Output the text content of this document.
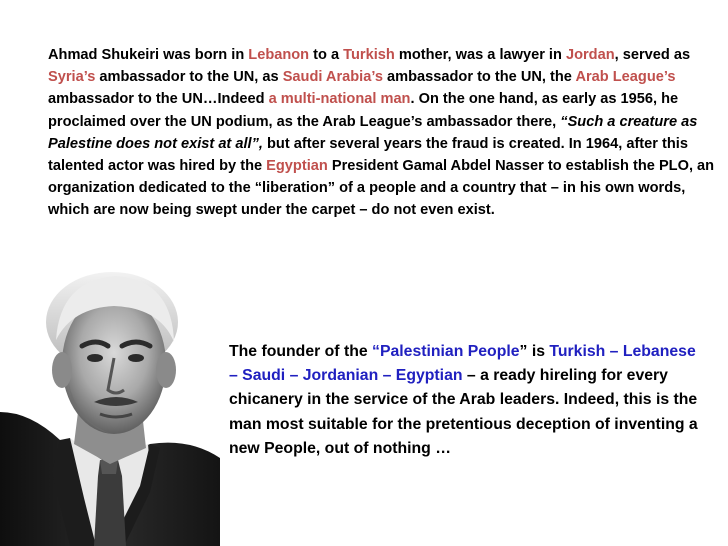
Ahmad Shukeiri was born in Lebanon to a Turkish mother, was a lawyer in Jordan, served as Syria’s ambassador to the UN, as Saudi Arabia’s ambassador to the UN, the Arab League’s ambassador to the UN…Indeed a multi-national man. On the one hand, as early as 1956, he proclaimed over the UN podium, as the Arab League’s ambassador there, “Such a creature as Palestine does not exist at all”, but after several years the fraud is created. In 1964, after this talented actor was hired by the Egyptian President Gamal Abdel Nasser to establish the PLO, an organization dedicated to the “liberation” of a people and a country that – in his own words, which are now being swept under the carpet – do not even exist.
The founder of the “Palestinian People” is Turkish – Lebanese – Saudi – Jordanian – Egyptian – a ready hireling for every chicanery in the service of the Arab leaders. Indeed, this is the man most suitable for the pretentious deception of inventing a new People, out of nothing …
